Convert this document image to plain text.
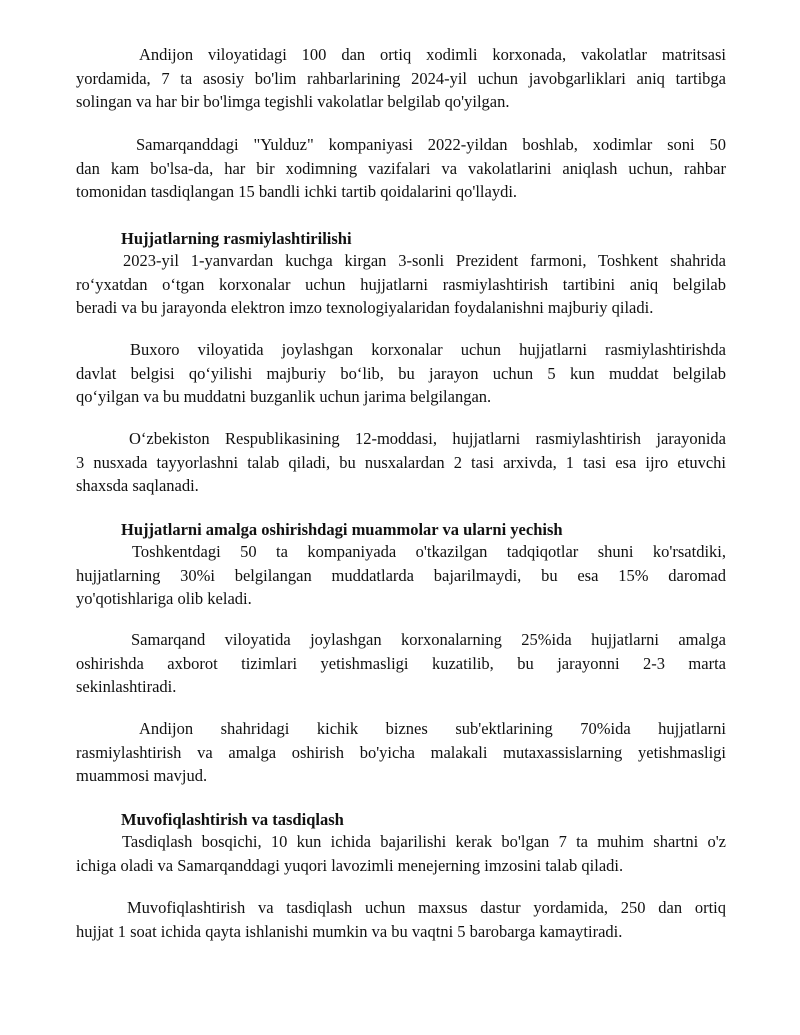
Andijon viloyatidagi 100 dan ortiq xodimli korxonada, vakolatlar matritsasi
yordamida, 7 ta asosiy bo'lim rahbarlarining 2024-yil uchun javobgarliklari aniq tartibga
solingan va har bir bo'limga tegishli vakolatlar belgilab qo'yilgan.
Samarqanddagi "Yulduz" kompaniyasi 2022-yildan boshlab, xodimlar soni 50
dan kam bo'lsa-da, har bir xodimning vazifalari va vakolatlarini aniqlash uchun, rahbar
tomonidan tasdiqlangan 15 bandli ichki tartib qoidalarini qo'llaydi.
Hujjatlarning rasmiylashtirilishi
2023-yil 1-yanvardan kuchga kirgan 3-sonli Prezident farmoni, Toshkent shahrida
ro‘yxatdan o‘tgan korxonalar uchun hujjatlarni rasmiylashtirish tartibini aniq belgilab
beradi va bu jarayonda elektron imzo texnologiyalaridan foydalanishni majburiy qiladi.
Buxoro viloyatida joylashgan korxonalar uchun hujjatlarni rasmiylashtirishda
davlat belgisi qo‘yilishi majburiy bo‘lib, bu jarayon uchun 5 kun muddat belgilab
qo‘yilgan va bu muddatni buzganlik uchun jarima belgilangan.
O‘zbekiston Respublikasining 12-moddasi, hujjatlarni rasmiylashtirish jarayonida
3 nusxada tayyorlashni talab qiladi, bu nusxalardan 2 tasi arxivda, 1 tasi esa ijro etuvchi
shaxsda saqlanadi.
Hujjatlarni amalga oshirishdagi muammolar va ularni yechish
Toshkentdagi 50 ta kompaniyada o'tkazilgan tadqiqotlar shuni ko'rsatdiki,
hujjatlarning 30%i belgilangan muddatlarda bajarilmaydi, bu esa 15% daromad
yo'qotishlariga olib keladi.
Samarqand viloyatida joylashgan korxonalarning 25%ida hujjatlarni amalga
oshirishda axborot tizimlari yetishmasligi kuzatilib, bu jarayonni 2-3 marta
sekinlashtiradi.
Andijon shahridagi kichik biznes sub'ektlarining 70%ida hujjatlarni
rasmiylashtirish va amalga oshirish bo'yicha malakali mutaxassislarning yetishmasligi
muammosi mavjud.
Muvofiqlashtirish va tasdiqlash
Tasdiqlash bosqichi, 10 kun ichida bajarilishi kerak bo'lgan 7 ta muhim shartni o'z
ichiga oladi va Samarqanddagi yuqori lavozimli menejerning imzosini talab qiladi.
Muvofiqlashtirish va tasdiqlash uchun maxsus dastur yordamida, 250 dan ortiq
hujjat 1 soat ichida qayta ishlanishi mumkin va bu vaqtni 5 barobarga kamaytiradi.
